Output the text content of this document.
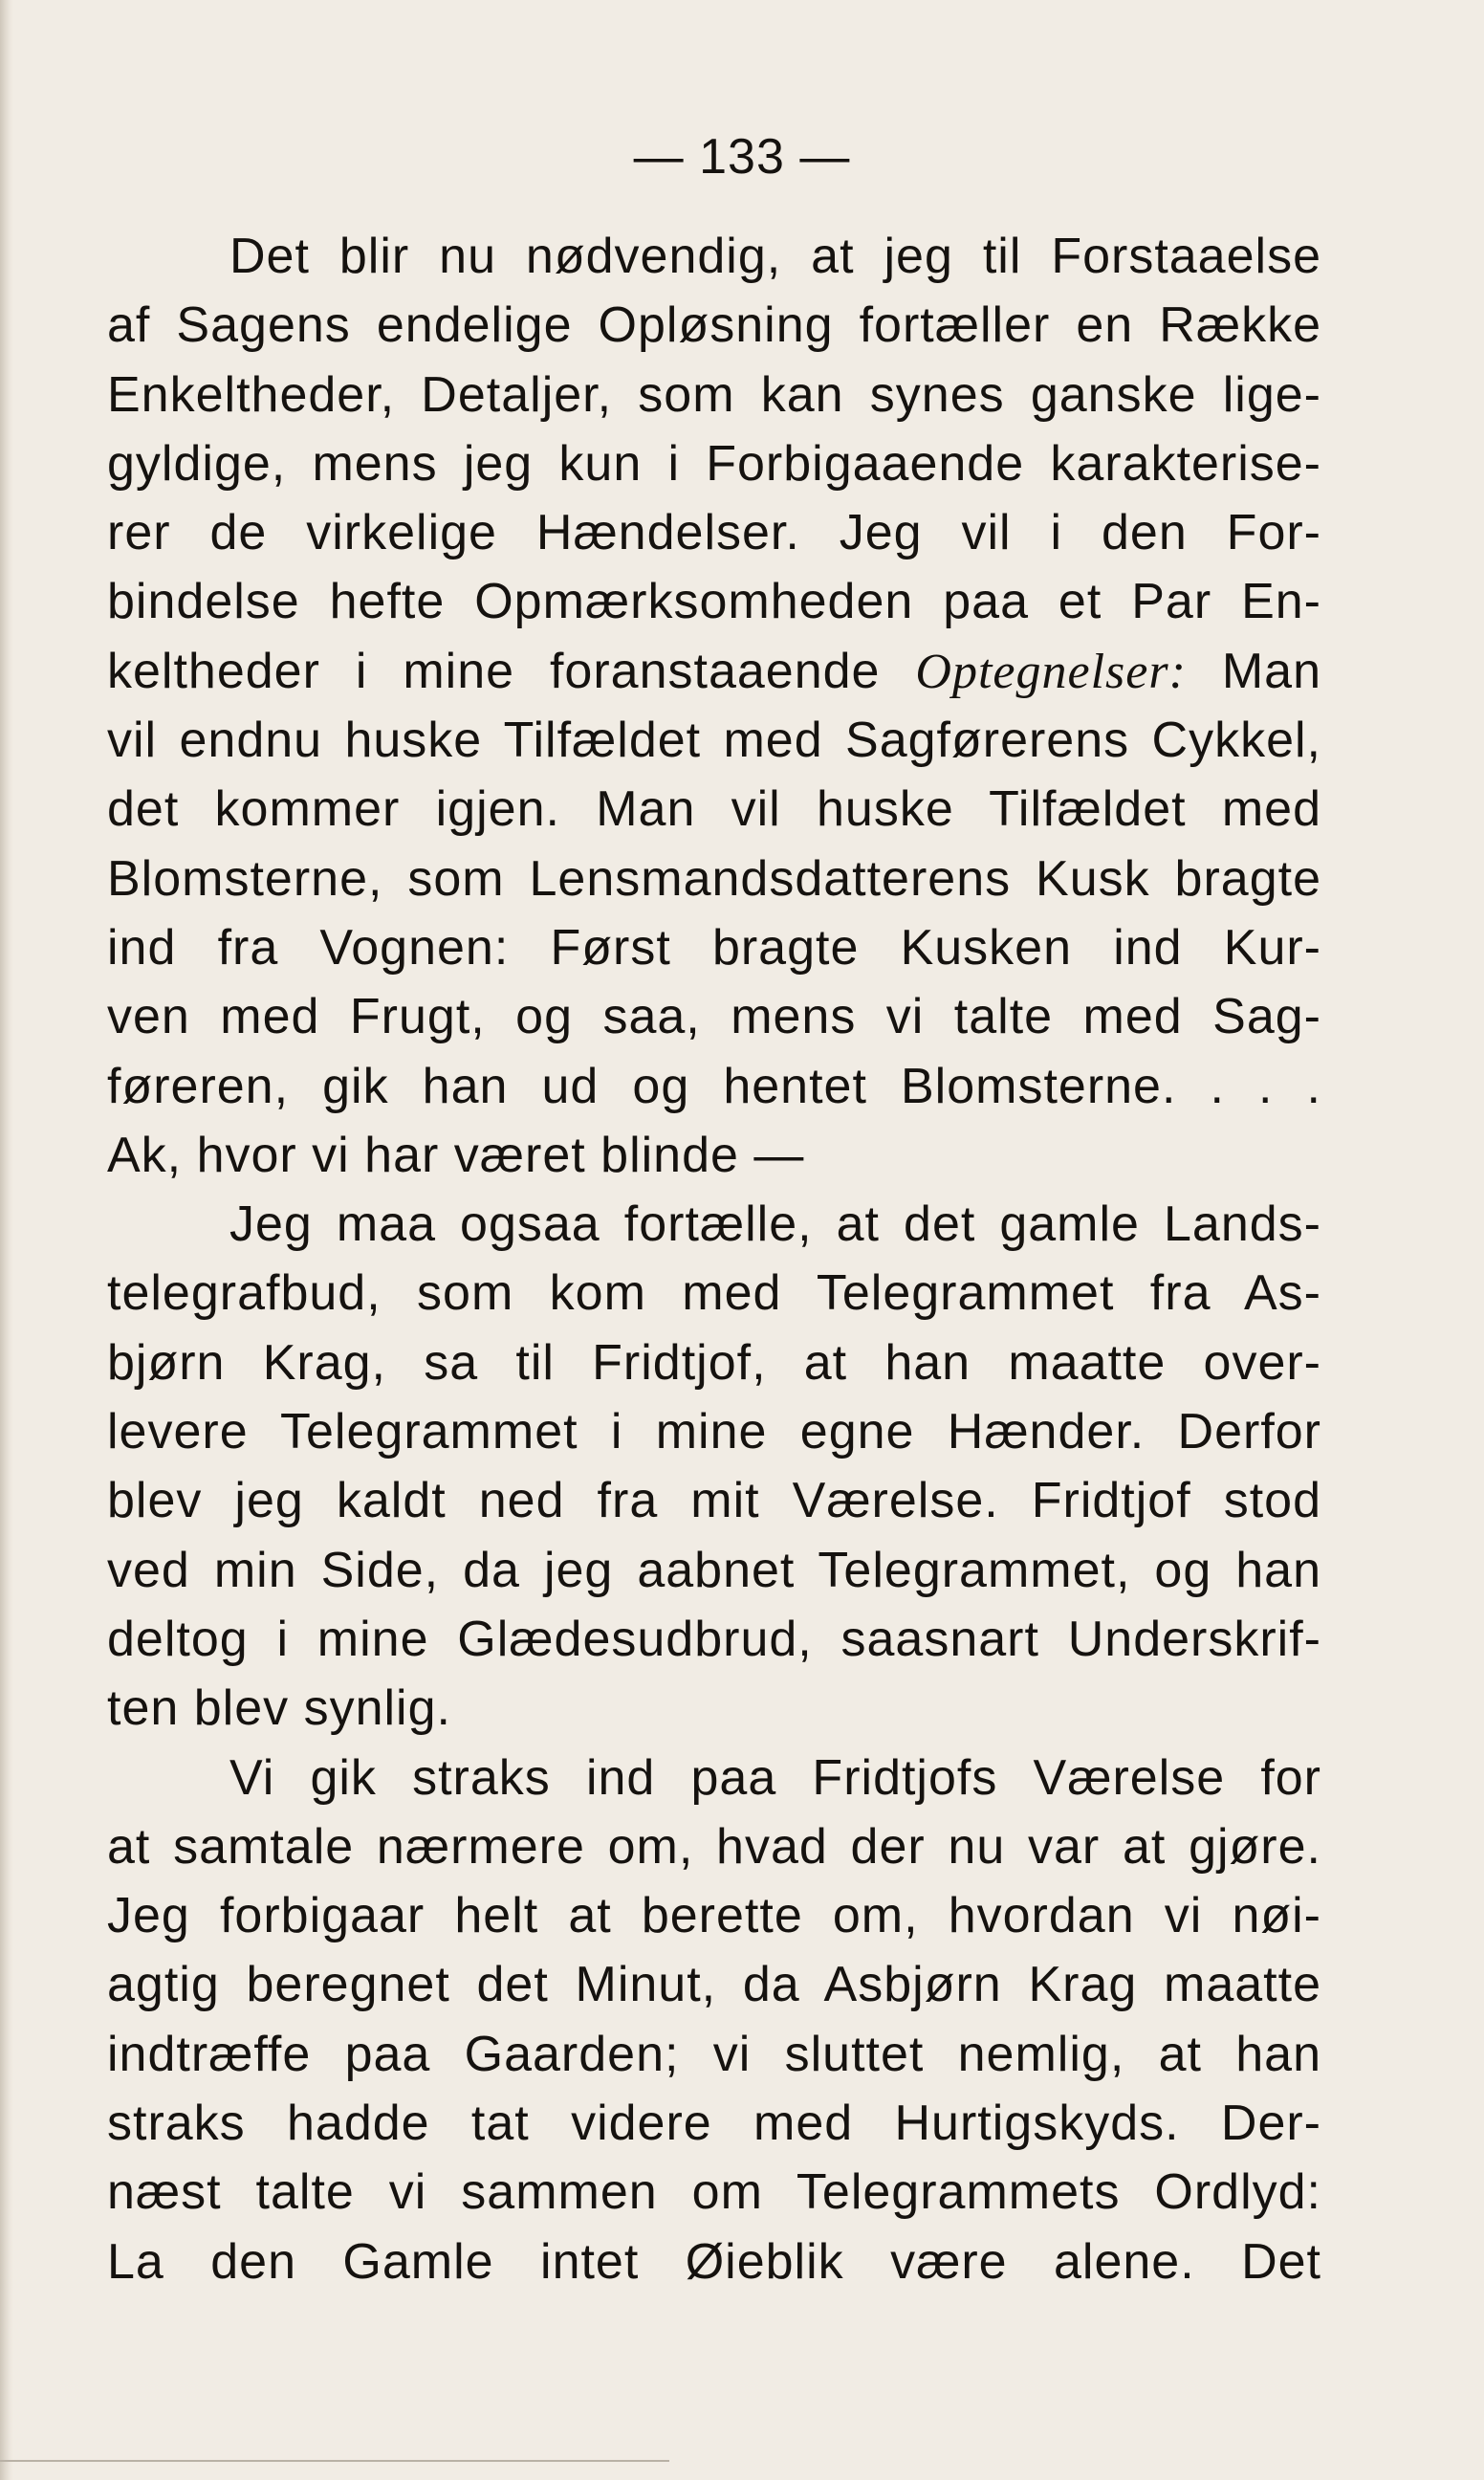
— 133 —
Det blir nu nødvendig, at jeg til Forstaaelse
af Sagens endelige Opløsning fortæller en Række
Enkeltheder, Detaljer, som kan synes ganske lige-
gyldige, mens jeg kun i Forbigaaende karakterise-
rer de virkelige Hændelser. Jeg vil i den For-
bindelse hefte Opmærksomheden paa et Par En-
keltheder i mine foranstaaende Optegnelser: Man
vil endnu huske Tilfældet med Sagførerens Cykkel,
det kommer igjen. Man vil huske Tilfældet med
Blomsterne, som Lensmandsdatterens Kusk bragte
ind fra Vognen: Først bragte Kusken ind Kur-
ven med Frugt, og saa, mens vi talte med Sag-
føreren, gik han ud og hentet Blomsterne. . . .
Ak, hvor vi har været blinde —
Jeg maa ogsaa fortælle, at det gamle Lands-
telegrafbud, som kom med Telegrammet fra As-
bjørn Krag, sa til Fridtjof, at han maatte over-
levere Telegrammet i mine egne Hænder. Derfor
blev jeg kaldt ned fra mit Værelse. Fridtjof stod
ved min Side, da jeg aabnet Telegrammet, og han
deltog i mine Glædesudbrud, saasnart Underskrif-
ten blev synlig.
Vi gik straks ind paa Fridtjofs Værelse for
at samtale nærmere om, hvad der nu var at gjøre.
Jeg forbigaar helt at berette om, hvordan vi nøi-
agtig beregnet det Minut, da Asbjørn Krag maatte
indtræffe paa Gaarden; vi sluttet nemlig, at han
straks hadde tat videre med Hurtigskyds. Der-
næst talte vi sammen om Telegrammets Ordlyd:
La den Gamle intet Øieblik være alene. Det
